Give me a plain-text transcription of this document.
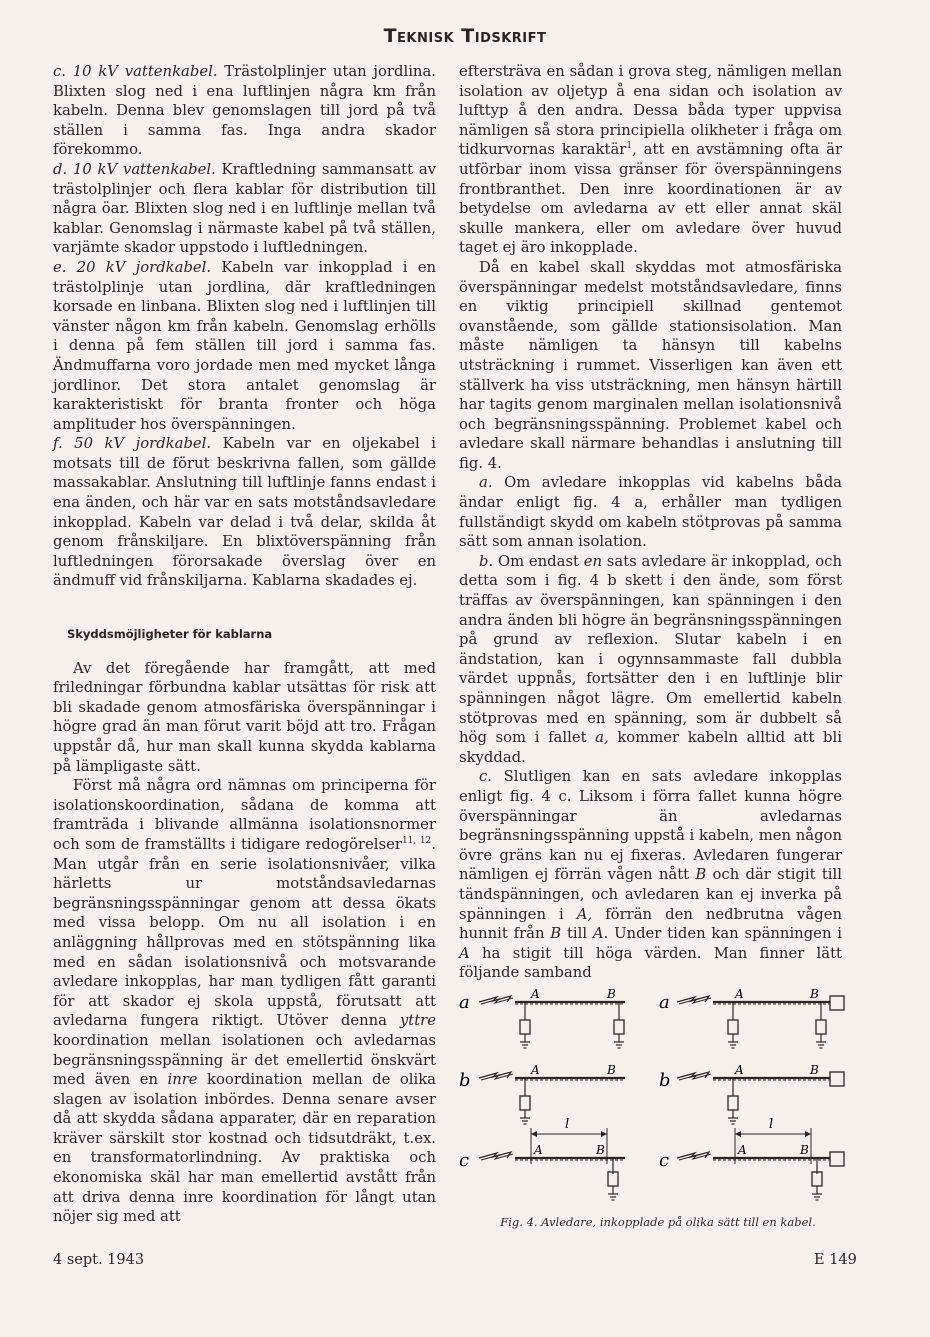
Teknisk Tidskrift

c. 10 kV vattenkabel. Trästolplinjer utan jordlina. Blixten slog ned i ena luftlinjen några km från kabeln. Denna blev genomslagen till jord på två ställen i samma fas. Inga andra skador förekommo.

d. 10 kV vattenkabel. Kraftledning sammansatt av trästolplinjer och flera kablar för distribution till några öar. Blixten slog ned i en luftlinje mellan två kablar. Genomslag i närmaste kabel på två ställen, varjämte skador uppstodo i luftledningen.

e. 20 kV jordkabel. Kabeln var inkopplad i en trästolplinje utan jordlina, där kraftledningen korsade en linbana. Blixten slog ned i luftlinjen till vänster någon km från kabeln. Genomslag erhölls i denna på fem ställen till jord i samma fas. Ändmuffarna voro jordade men med mycket långa jordlinor. Det stora antalet genomslag är karakteristiskt för branta fronter och höga amplituder hos överspänningen.

f. 50 kV jordkabel. Kabeln var en oljekabel i motsats till de förut beskrivna fallen, som gällde massakablar. Anslutning till luftlinje fanns endast i ena änden, och här var en sats motståndsavledare inkopplad. Kabeln var delad i två delar, skilda åt genom frånskiljare. En blixtöverspänning från luftledningen förorsakade överslag över en ändmuff vid frånskiljarna. Kablarna skadades ej.

Skyddsmöjligheter för kablarna

Av det föregående har framgått, att med friledningar förbundna kablar utsättas för risk att bli skadade genom atmosfäriska överspänningar i högre grad än man förut varit böjd att tro. Frågan uppstår då, hur man skall kunna skydda kablarna på lämpligaste sätt.

Först må några ord nämnas om principerna för isolationskoordination, sådana de komma att framträda i blivande allmänna isolationsnormer och som de framställts i tidigare redogörelser$^{11, 12}$. Man utgår från en serie isolationsnivåer, vilka härletts ur motståndsavledarnas begränsningsspänningar genom att dessa ökats med vissa belopp. Om nu all isolation i en anläggning hållprovas med en stötspänning lika med en sådan isolationsnivå och motsvarande avledare inkopplas, har man tydligen fått garanti för att skador ej skola uppstå, förutsatt att avledarna fungera riktigt. Utöver denna yttre koordination mellan isolationen och avledarnas begränsningsspänning är det emellertid önskvärt med även en inre koordination mellan de olika slagen av isolation inbördes. Denna senare avser då att skydda sådana apparater, där en reparation kräver särskilt stor kostnad och tidsutdräkt, t.ex. en transformatorlindning. Av praktiska och ekonomiska skäl har man emellertid avstått från att driva denna inre koordination för långt utan nöjer sig med att

eftersträva en sådan i grova steg, nämligen mellan isolation av oljetyp å ena sidan och isolation av lufttyp å den andra. Dessa båda typer uppvisa nämligen så stora principiella olikheter i fråga om tidkurvornas karaktär$^1$, att en avstämning ofta är utförbar inom vissa gränser för överspänningens frontbranthet. Den inre koordinationen är av betydelse om avledarna av ett eller annat skäl skulle mankera, eller om avledare över huvud taget ej äro inkopplade.

Då en kabel skall skyddas mot atmosfäriska överspänningar medelst motståndsavledare, finns en viktig principiell skillnad gentemot ovanstående, som gällde stationsisolation. Man måste nämligen ta hänsyn till kabelns utsträckning i rummet. Visserligen kan även ett ställverk ha viss utsträckning, men hänsyn härtill har tagits genom marginalen mellan isolationsnivå och begränsningsspänning. Problemet kabel och avledare skall närmare behandlas i anslutning till fig. 4.

a. Om avledare inkopplas vid kabelns båda ändar enligt fig. 4 a, erhåller man tydligen fullständigt skydd om kabeln stötprovas på samma sätt som annan isolation.

b. Om endast en sats avledare är inkopplad, och detta som i fig. 4 b skett i den ände, som först träffas av överspänningen, kan spänningen i den andra änden bli högre än begränsningsspänningen på grund av reflexion. Slutar kabeln i en ändstation, kan i ogynnsammaste fall dubbla värdet uppnås, fortsätter den i en luftlinje blir spänningen något lägre. Om emellertid kabeln stötprovas med en spänning, som är dubbelt så hög som i fallet a, kommer kabeln alltid att bli skyddad.

c. Slutligen kan en sats avledare inkopplas enligt fig. 4 c. Liksom i förra fallet kunna högre överspänningar än avledarnas begränsningsspänning uppstå i kabeln, men någon övre gräns kan nu ej fixeras. Avledaren fungerar nämligen ej förrän vågen nått B och där stigit till tändspänningen, och avledaren kan ej inverka på spänningen i A, förrän den nedbrutna vågen hunnit från B till A. Under tiden kan spänningen i A ha stigit till höga värden. Man finner lätt följande samband

a	A	B a	A	B
b	A	B b	A	B
c
l
A	B	c
l
A	B
Fig. 4. Avledare, inkopplade på olika sätt till en kabel.
4 sept. 1943	E 149
